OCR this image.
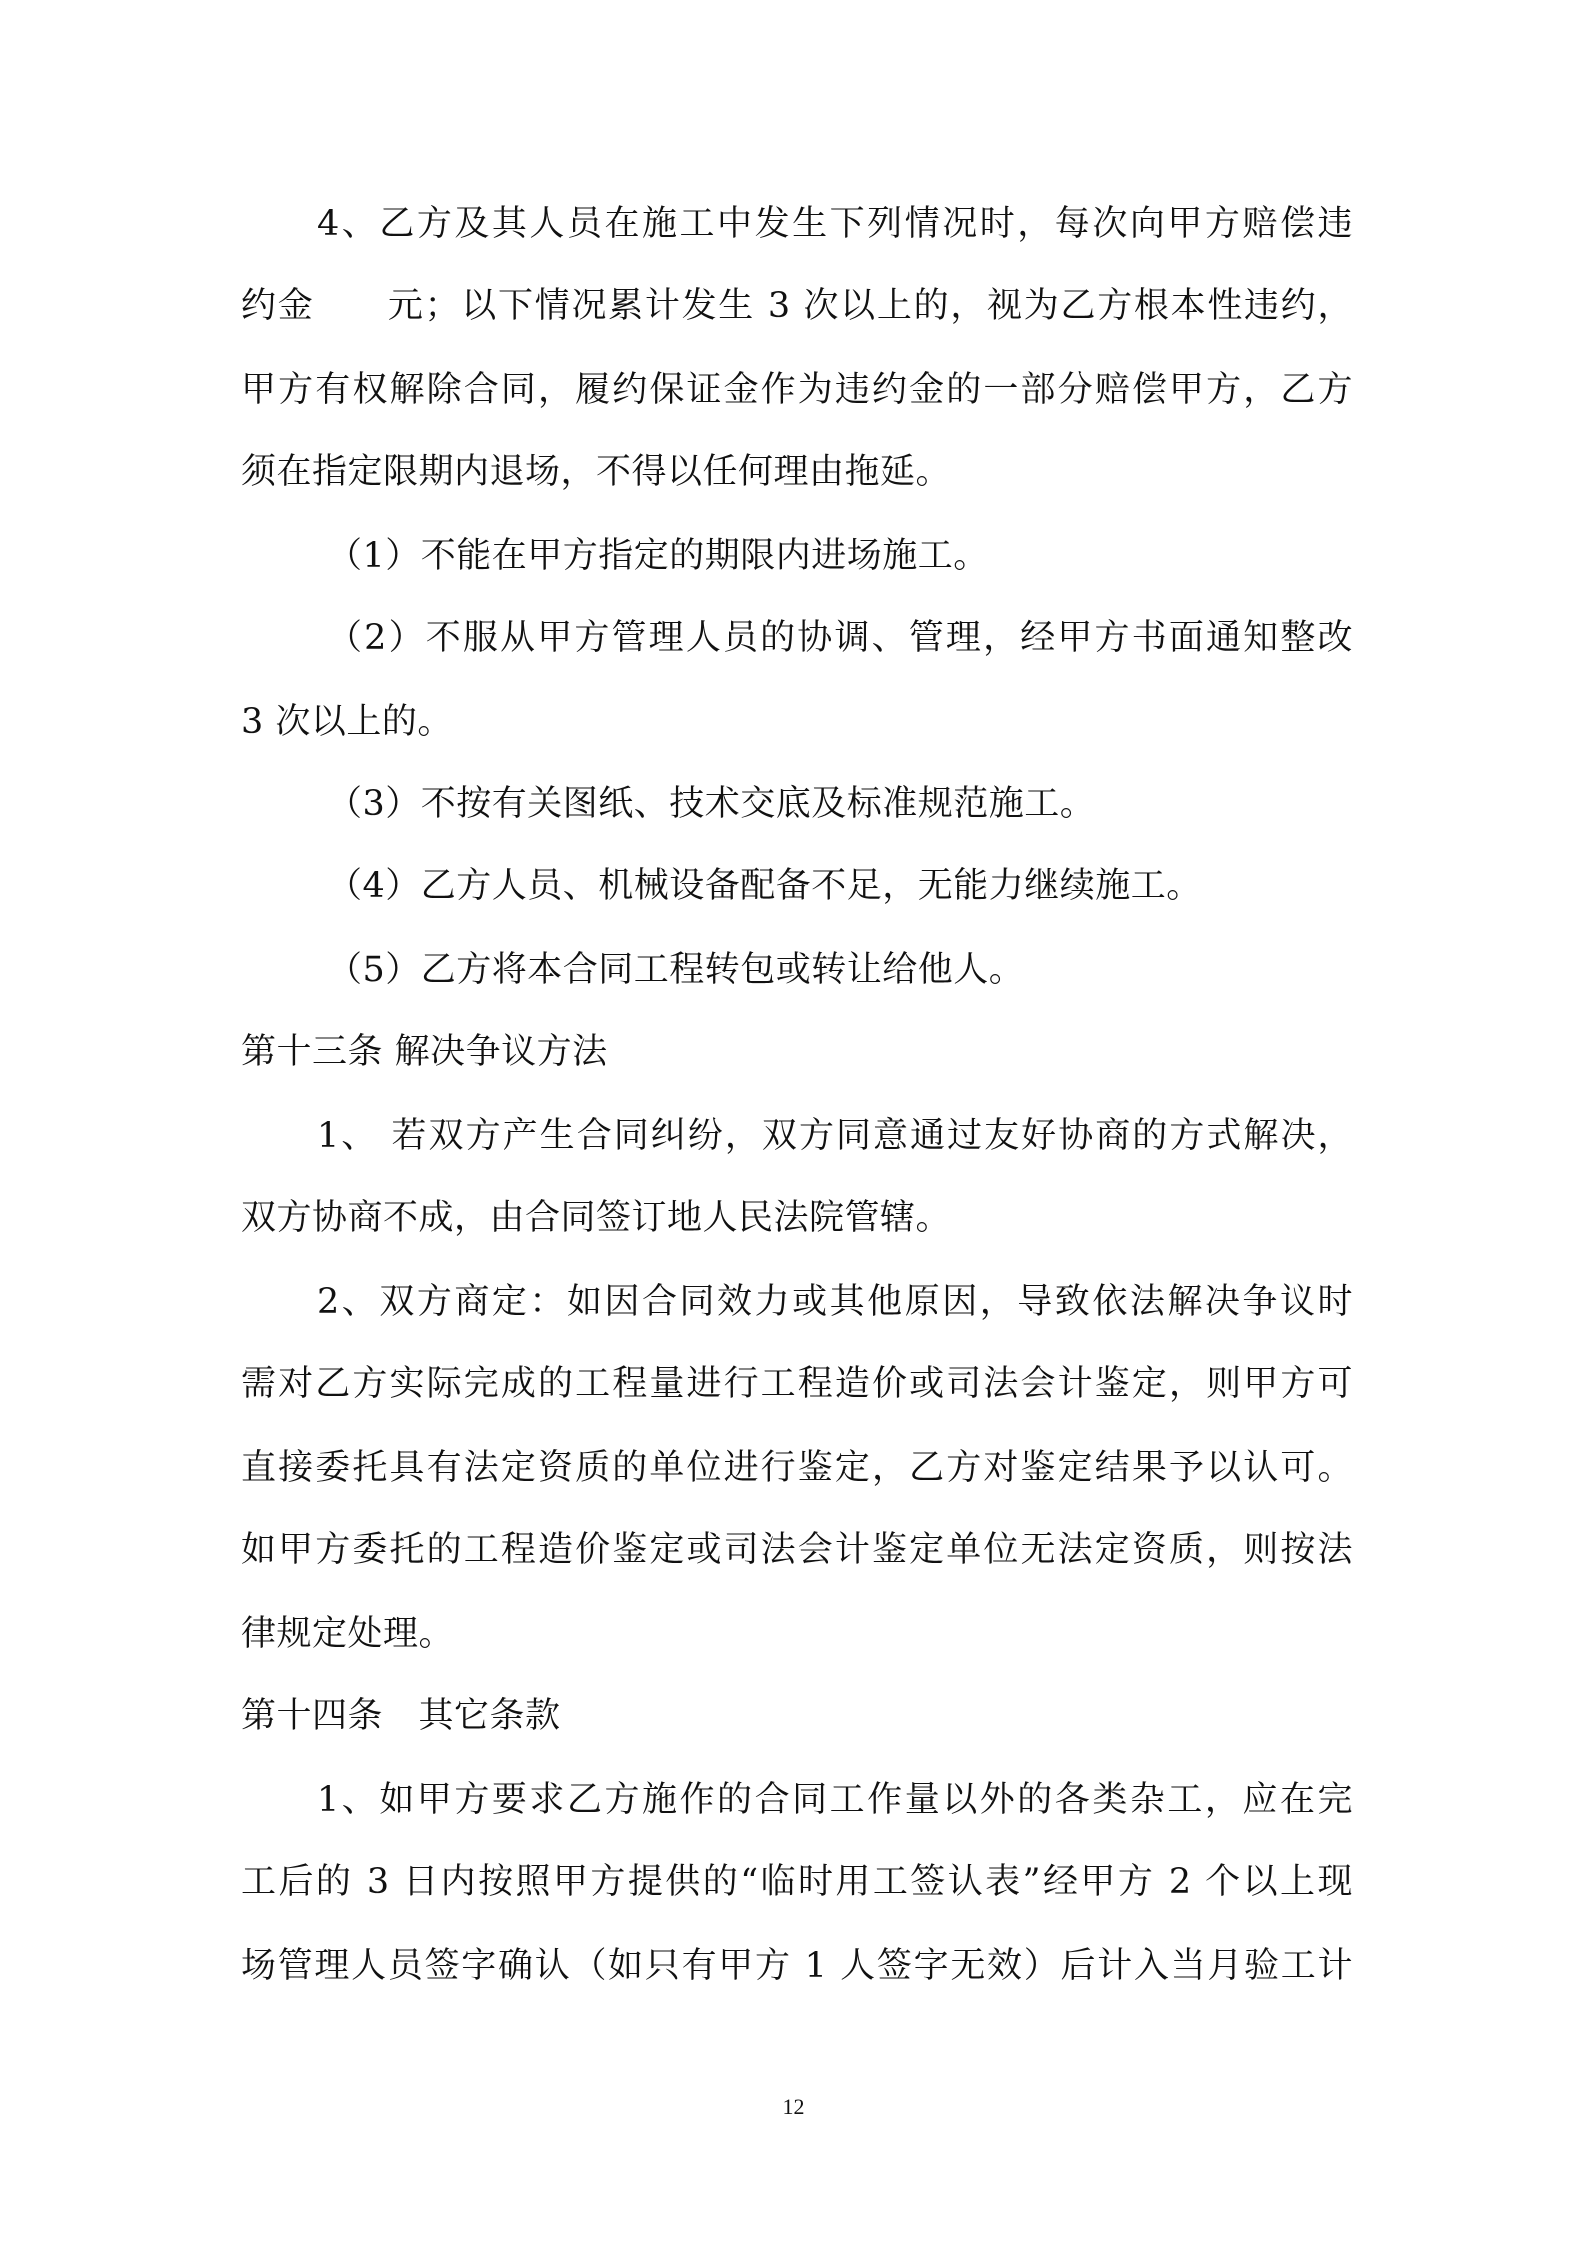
4、乙方及其人员在施工中发生下列情况时，每次向甲方赔偿违
约金　　元；以下情况累计发生 3 次以上的，视为乙方根本性违约，
甲方有权解除合同，履约保证金作为违约金的一部分赔偿甲方，乙方
须在指定限期内退场，不得以任何理由拖延。
（1）不能在甲方指定的期限内进场施工。
（2）不服从甲方管理人员的协调、管理，经甲方书面通知整改
3 次以上的。
（3）不按有关图纸、技术交底及标准规范施工。
（4）乙方人员、机械设备配备不足，无能力继续施工。
（5）乙方将本合同工程转包或转让给他人。
第十三条 解决争议方法
1、 若双方产生合同纠纷，双方同意通过友好协商的方式解决，
双方协商不成，由合同签订地人民法院管辖。
2、双方商定：如因合同效力或其他原因，导致依法解决争议时
需对乙方实际完成的工程量进行工程造价或司法会计鉴定，则甲方可
直接委托具有法定资质的单位进行鉴定，乙方对鉴定结果予以认可。
如甲方委托的工程造价鉴定或司法会计鉴定单位无法定资质，则按法
律规定处理。
第十四条　其它条款
1、如甲方要求乙方施作的合同工作量以外的各类杂工，应在完
工后的 3 日内按照甲方提供的“临时用工签认表”经甲方 2 个以上现
场管理人员签字确认（如只有甲方 1 人签字无效）后计入当月验工计
12
